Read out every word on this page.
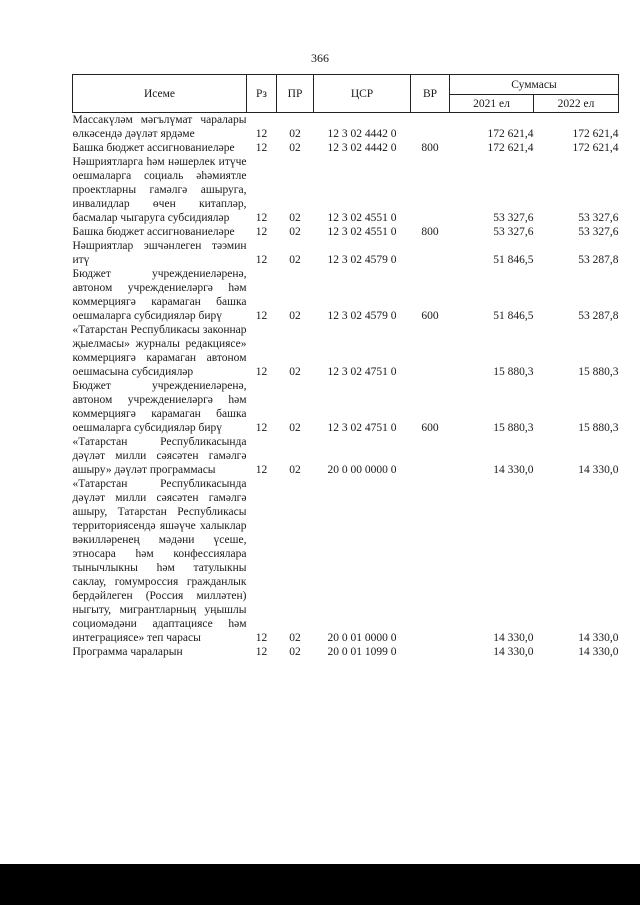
366
Исеме	Рз	ПР	ЦСР	ВР	Суммасы	
					2021 ел	2022 ел
Массакүләм мәгълүмат чаралары өлкәсендә дәүләт ярдәме	12	02	12 3 02 4442 0		172 621,4	172 621,4
Башка бюджет ассигнованиеләре	12	02	12 3 02 4442 0	800	172 621,4	172 621,4
Нәшриятларга һәм нәшерлек итүче оешмаларга социаль әһәмиятле проектларны гамәлгә ашыруга, инвалидлар өчен китапләр, басмалар чыгаруга субсидияләр	12	02	12 3 02 4551 0		53 327,6	53 327,6
Башка бюджет ассигнованиеләре	12	02	12 3 02 4551 0	800	53 327,6	53 327,6
Нәшриятлар эшчәнлеген тәэмин итү	12	02	12 3 02 4579 0		51 846,5	53 287,8
Бюджет учреждениеләренә, автоном учреждениеләргә һәм коммерциягә карамаган башка оешмаларга субсидияләр бирү	12	02	12 3 02 4579 0	600	51 846,5	53 287,8
«Татарстан Республикасы законнар җыелмасы» журналы редакциясе» коммерциягә карамаган автоном оешмасына субсидияләр	12	02	12 3 02 4751 0		15 880,3	15 880,3
Бюджет учреждениеләренә, автоном учреждениеләргә һәм коммерциягә карамаган башка оешмаларга субсидияләр бирү	12	02	12 3 02 4751 0	600	15 880,3	15 880,3
«Татарстан Республикасында дәүләт милли сәясәтен гамәлгә ашыру» дәүләт программасы	12	02	20 0 00 0000 0		14 330,0	14 330,0
«Татарстан Республикасында дәүләт милли сәясәтен гамәлгә ашыру, Татарстан Республикасы территориясендә яшәүче халыклар вәкилләренең мәдәни үсеше, этносара һәм конфессиялара тынычлыкны һәм татулыкны саклау, гомумроссия гражданлык бердәйлеген (Россия милләтен) ныгыту, мигрантларның уңышлы социомәдәни адаптациясе һәм интеграциясе» теп чарасы	12	02	20 0 01 0000 0		14 330,0	14 330,0
Программа чараларын	12	02	20 0 01 1099 0		14 330,0	14 330,0
